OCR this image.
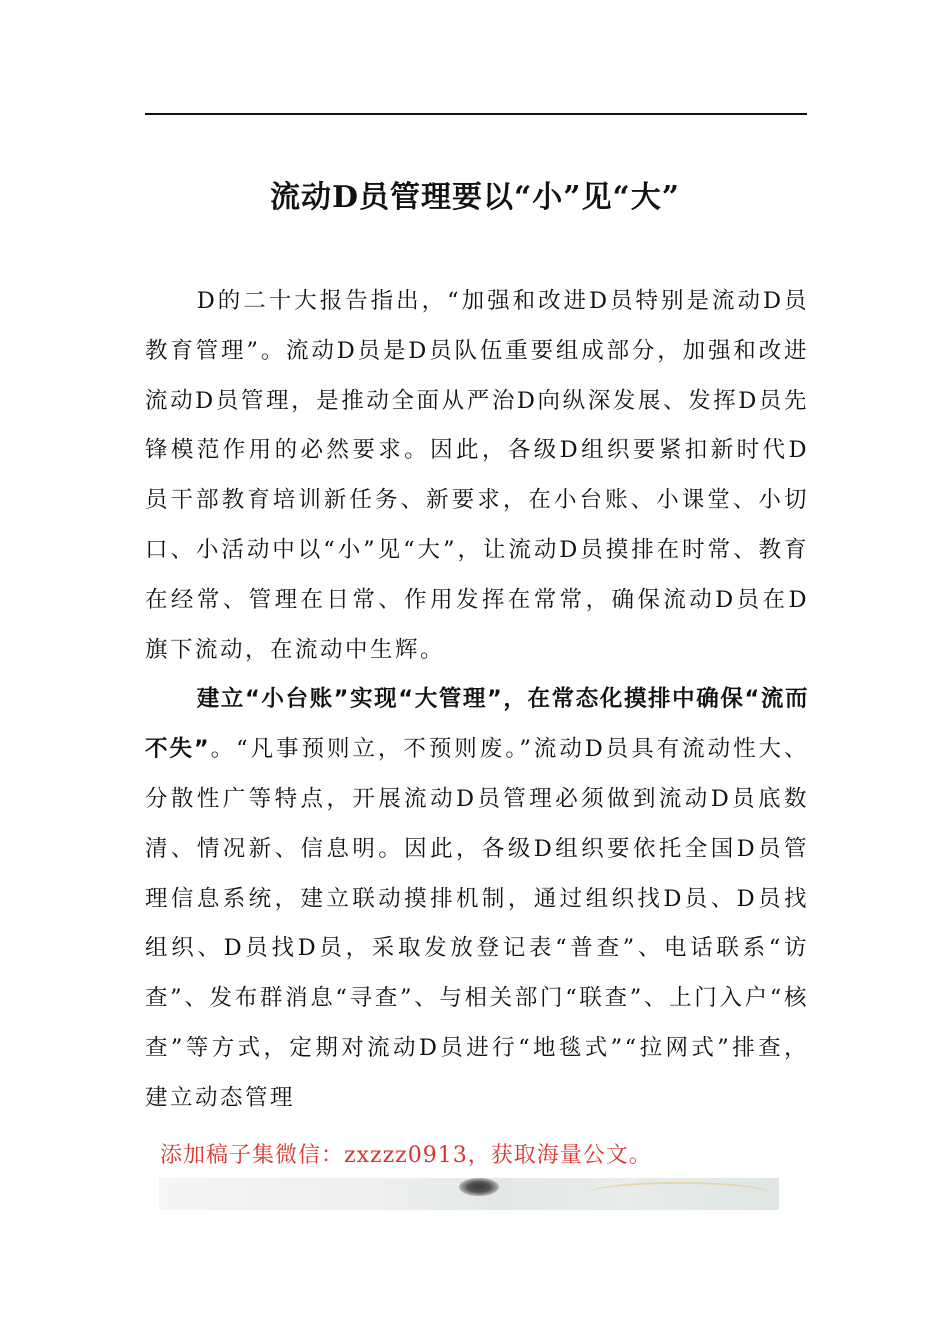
流动D员管理要以“小”见“大”

D的二十大报告指出，“加强和改进D员特别是流动D员教育管理”。流动D员是D员队伍重要组成部分，加强和改进流动D员管理，是推动全面从严治D向纵深发展、发挥D员先锋模范作用的必然要求。因此，各级D组织要紧扣新时代D员干部教育培训新任务、新要求，在小台账、小课堂、小切口、小活动中以“小”见“大”，让流动D员摸排在时常、教育在经常、管理在日常、作用发挥在常常，确保流动D员在D旗下流动，在流动中生辉。

建立“小台账”实现“大管理”，在常态化摸排中确保“流而不失”。“凡事预则立，不预则废。”流动D员具有流动性大、分散性广等特点，开展流动D员管理必须做到流动D员底数清、情况新、信息明。因此，各级D组织要依托全国D员管理信息系统，建立联动摸排机制，通过组织找D员、D员找组织、D员找D员，采取发放登记表“普查”、电话联系“访查”、发布群消息“寻查”、与相关部门“联查”、上门入户“核查”等方式，定期对流动D员进行“地毯式”“拉网式”排查，建立动态管理

添加稿子集微信：zxzzz0913，获取海量公文。
